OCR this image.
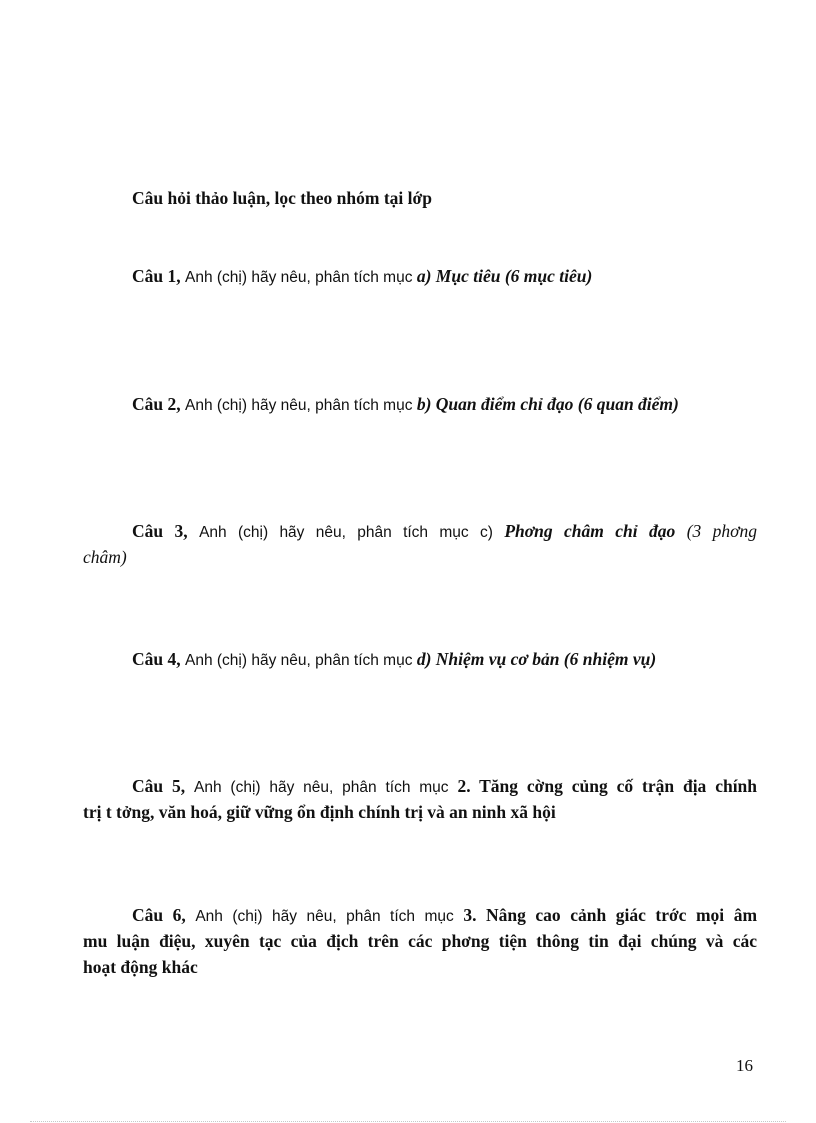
Câu hỏi thảo luận, lọc theo nhóm tại lớp
Câu 1, Anh (chị) hãy nêu, phân tích mục a) Mục tiêu (6 mục tiêu)
Câu 2, Anh (chị) hãy nêu, phân tích mục b) Quan điểm chỉ đạo (6 quan điểm)
Câu 3, Anh (chị) hãy nêu, phân tích mục c) Phơng châm chỉ đạo (3 phơng
châm)
Câu 4, Anh (chị) hãy nêu, phân tích mục d) Nhiệm vụ cơ bản (6 nhiệm vụ)
Câu 5, Anh (chị) hãy nêu, phân tích mục 2. Tăng cờng củng cố trận địa chính
trị t tởng, văn hoá, giữ vững ổn định chính trị và an ninh xã hội
Câu 6, Anh (chị) hãy nêu, phân tích mục 3. Nâng cao cảnh giác trớc mọi âm
mu luận điệu, xuyên tạc của địch trên các phơng tiện thông tin đại chúng và các
hoạt động khác
16
